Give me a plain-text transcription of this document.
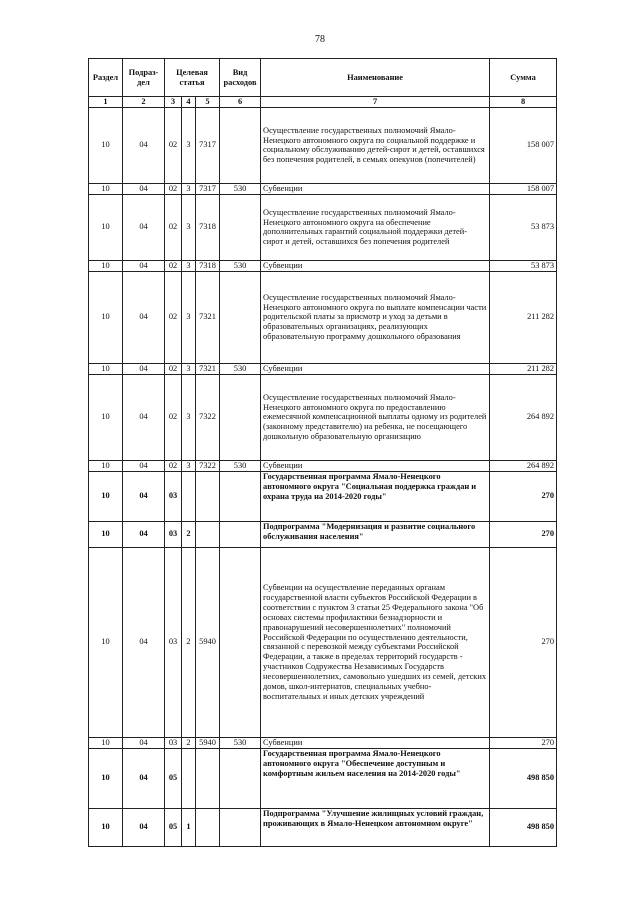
78
Раздел	Подраз-дел	Целевая статья			Вид расходов	Наименование	Сумма
1	2	3	4	5	6	7	8
10	04	02	3	7317		Осуществление государственных полномочий Ямало-Ненецкого автономного округа по социальной поддержке и социальному обслуживанию детей-сирот и детей, оставшихся без попечения родителей, в семьях опекунов (попечителей)	158 007
10	04	02	3	7317	530	Субвенции	158 007
10	04	02	3	7318		Осуществление государственных полномочий Ямало-Ненецкого автономного округа на обеспечение дополнительных гарантий социальной поддержки детей-сирот и детей, оставшихся без попечения родителей	53 873
10	04	02	3	7318	530	Субвенции	53 873
10	04	02	3	7321		Осуществление государственных полномочий Ямало-Ненецкого автономного округа по выплате компенсации части родительской платы за присмотр и уход за детьми в образовательных организациях, реализующих образовательную программу дошкольного образования	211 282
10	04	02	3	7321	530	Субвенции	211 282
10	04	02	3	7322		Осуществление государственных полномочий Ямало-Ненецкого автономного округа по предоставлению ежемесячной компенсационной выплаты одному из родителей (законному представителю) на ребенка, не посещающего дошкольную образовательную организацию	264 892
10	04	02	3	7322	530	Субвенции	264 892
10	04	03				Государственная программа Ямало-Ненецкого автономного округа "Социальная поддержка граждан и охрана труда на 2014-2020 годы"	270
10	04	03	2			Подпрограмма "Модернизация и развитие социального обслуживания населения"	270
10	04	03	2	5940		Субвенции на осуществление переданных органам государственной власти субъектов Российской Федерации в соответствии с пунктом 3 статьи 25 Федерального закона "Об основах системы профилактики безнадзорности и правонарушений несовершеннолетних" полномочий Российской Федерации по осуществлению деятельности, связанной с перевозкой между субъектами Российской Федерации, а также в пределах территорий государств - участников Содружества Независимых Государств несовершеннолетних, самовольно ушедших из семей, детских домов, школ-интернатов, специальных учебно-воспитательных и иных детских учреждений	270
10	04	03	2	5940	530	Субвенции	270
10	04	05				Государственная программа Ямало-Ненецкого автономного округа "Обеспечение доступным и комфортным жильем населения на 2014-2020 годы"	498 850
10	04	05	1			Подпрограмма "Улучшение жилищных условий граждан, проживающих в Ямало-Ненецком автономном округе"	498 850
